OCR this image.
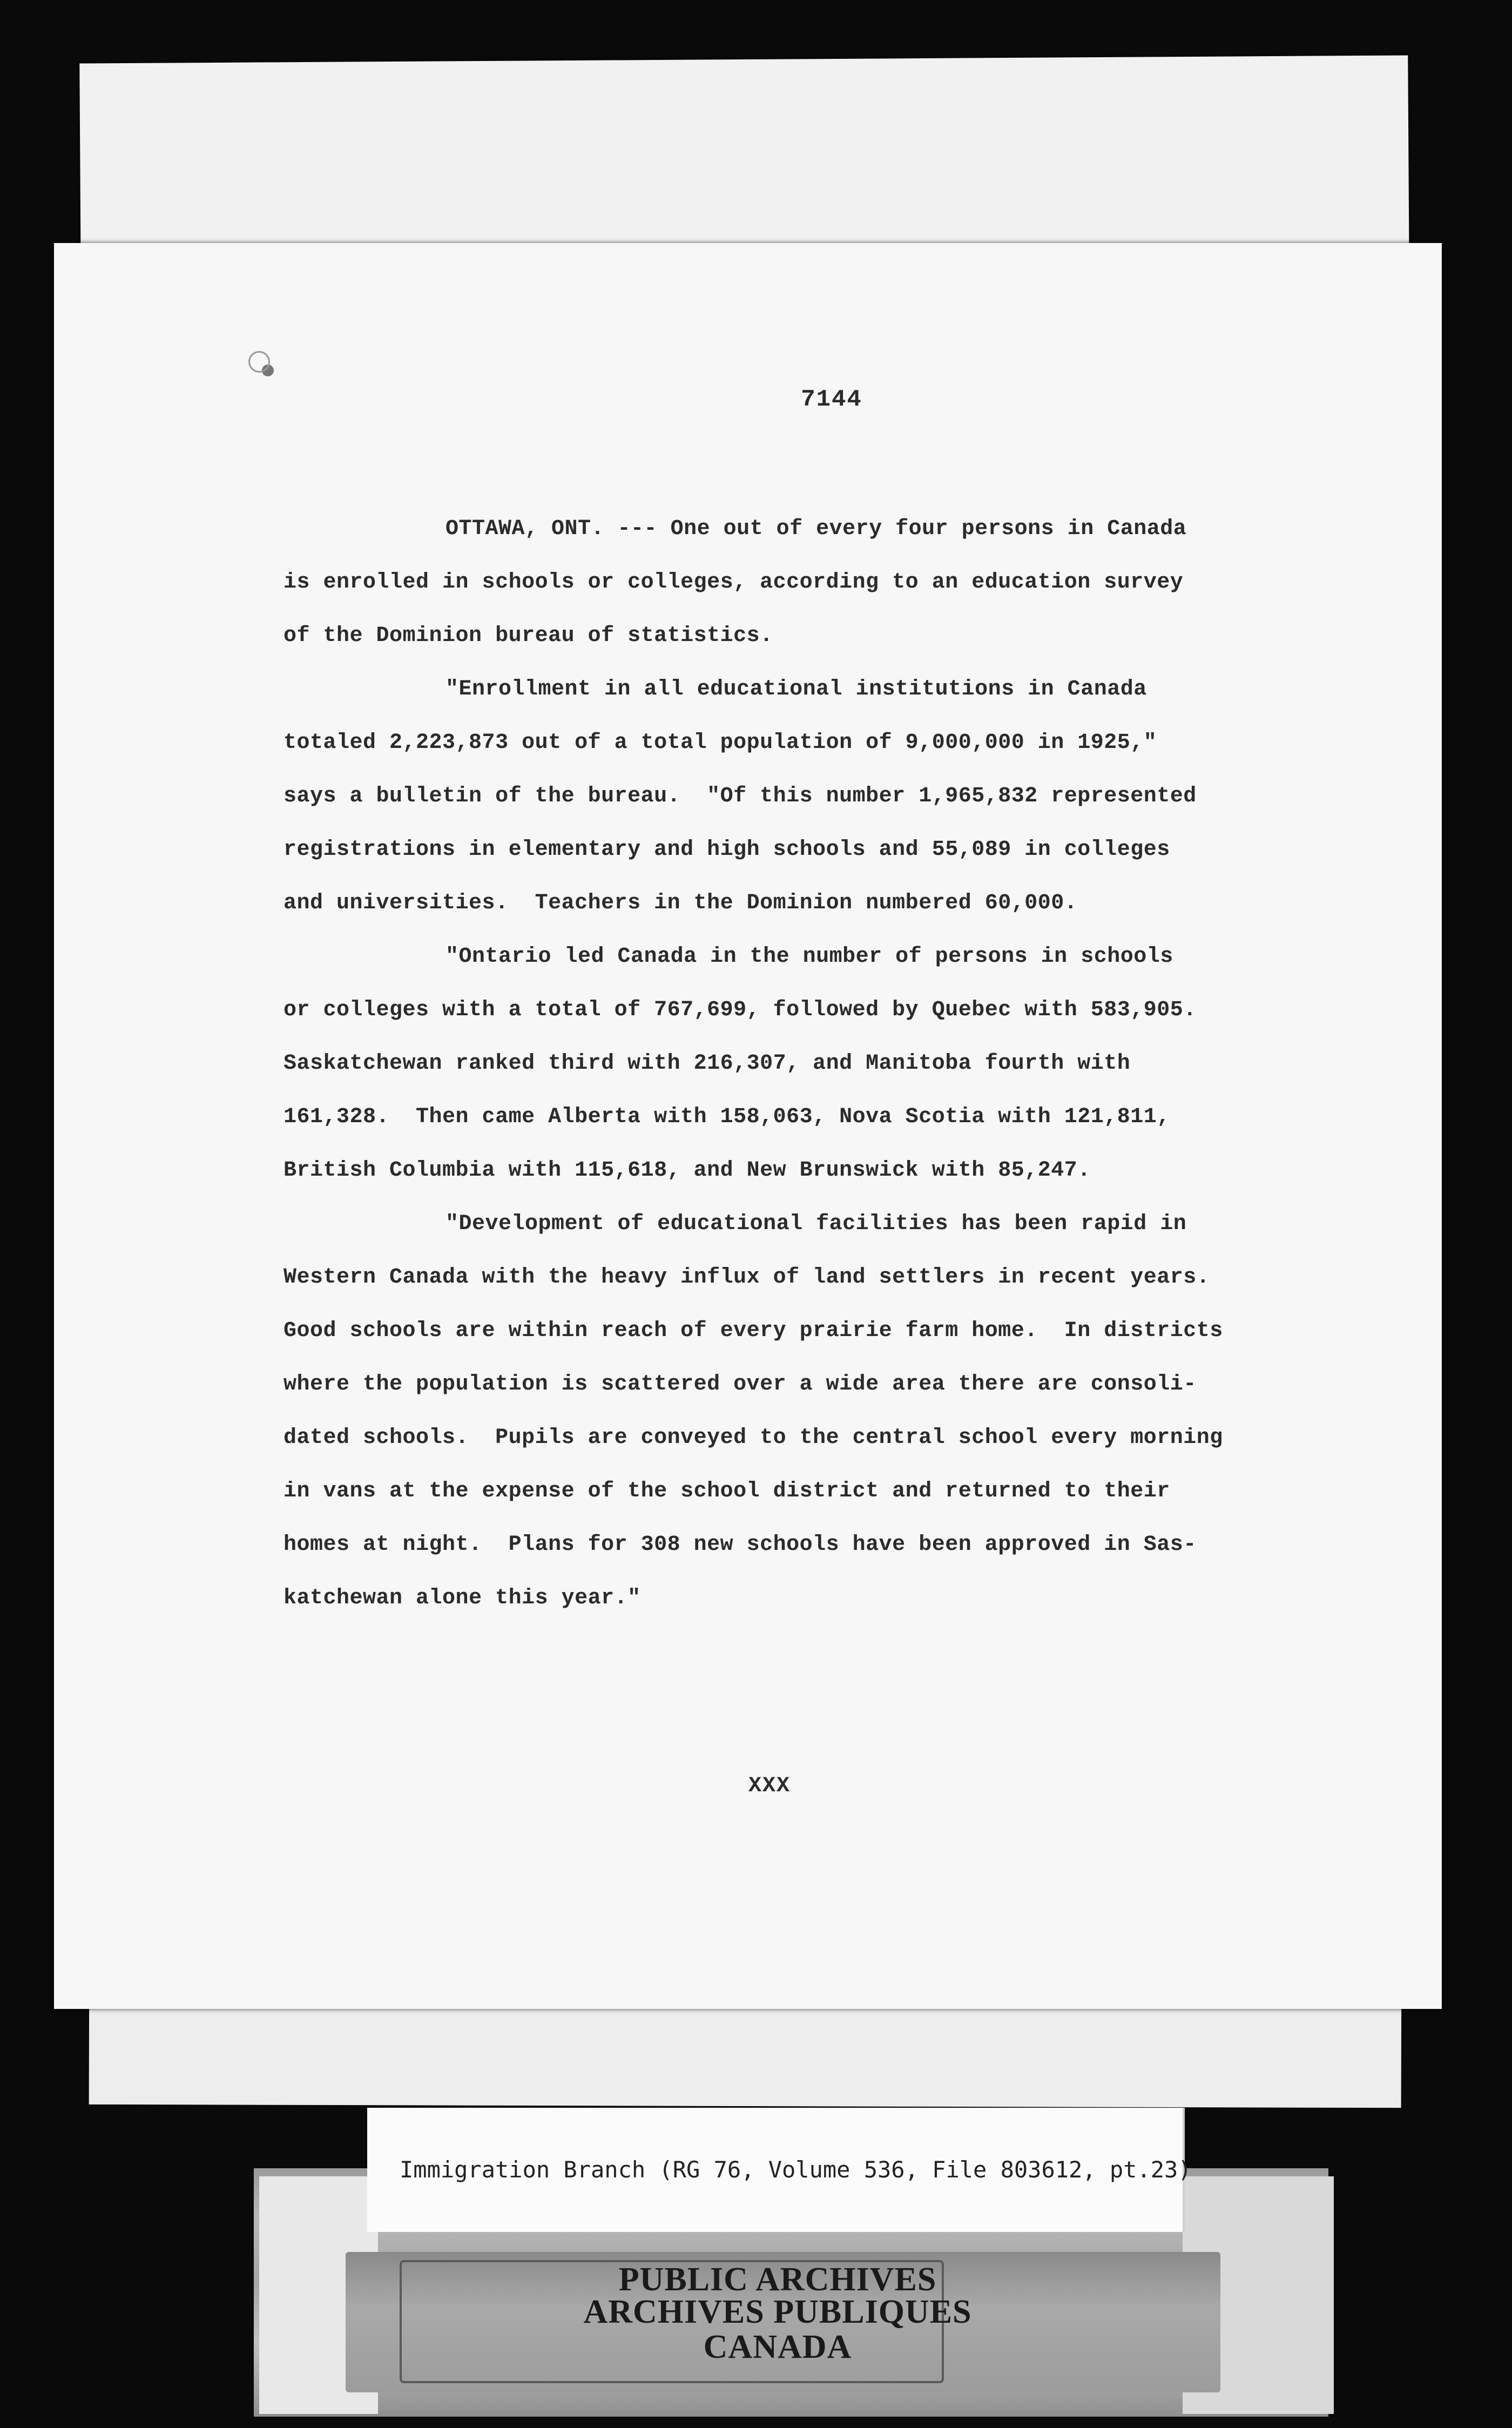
7144
OTTAWA, ONT. --- One out of every four persons in Canada
is enrolled in schools or colleges, according to an education survey
of the Dominion bureau of statistics.
"Enrollment in all educational institutions in Canada
totaled 2,223,873 out of a total population of 9,000,000 in 1925,"
says a bulletin of the bureau.  "Of this number 1,965,832 represented
registrations in elementary and high schools and 55,089 in colleges
and universities.  Teachers in the Dominion numbered 60,000.
"Ontario led Canada in the number of persons in schools
or colleges with a total of 767,699, followed by Quebec with 583,905.
Saskatchewan ranked third with 216,307, and Manitoba fourth with
161,328.  Then came Alberta with 158,063, Nova Scotia with 121,811,
British Columbia with 115,618, and New Brunswick with 85,247.
"Development of educational facilities has been rapid in
Western Canada with the heavy influx of land settlers in recent years.
Good schools are within reach of every prairie farm home.  In districts
where the population is scattered over a wide area there are consoli-
dated schools.  Pupils are conveyed to the central school every morning
in vans at the expense of the school district and returned to their
homes at night.  Plans for 308 new schools have been approved in Sas-
katchewan alone this year."
XXX
PUBLIC ARCHIVES
ARCHIVES PUBLIQUES
CANADA
Immigration Branch (RG 76, Volume 536, File 803612, pt.23)
